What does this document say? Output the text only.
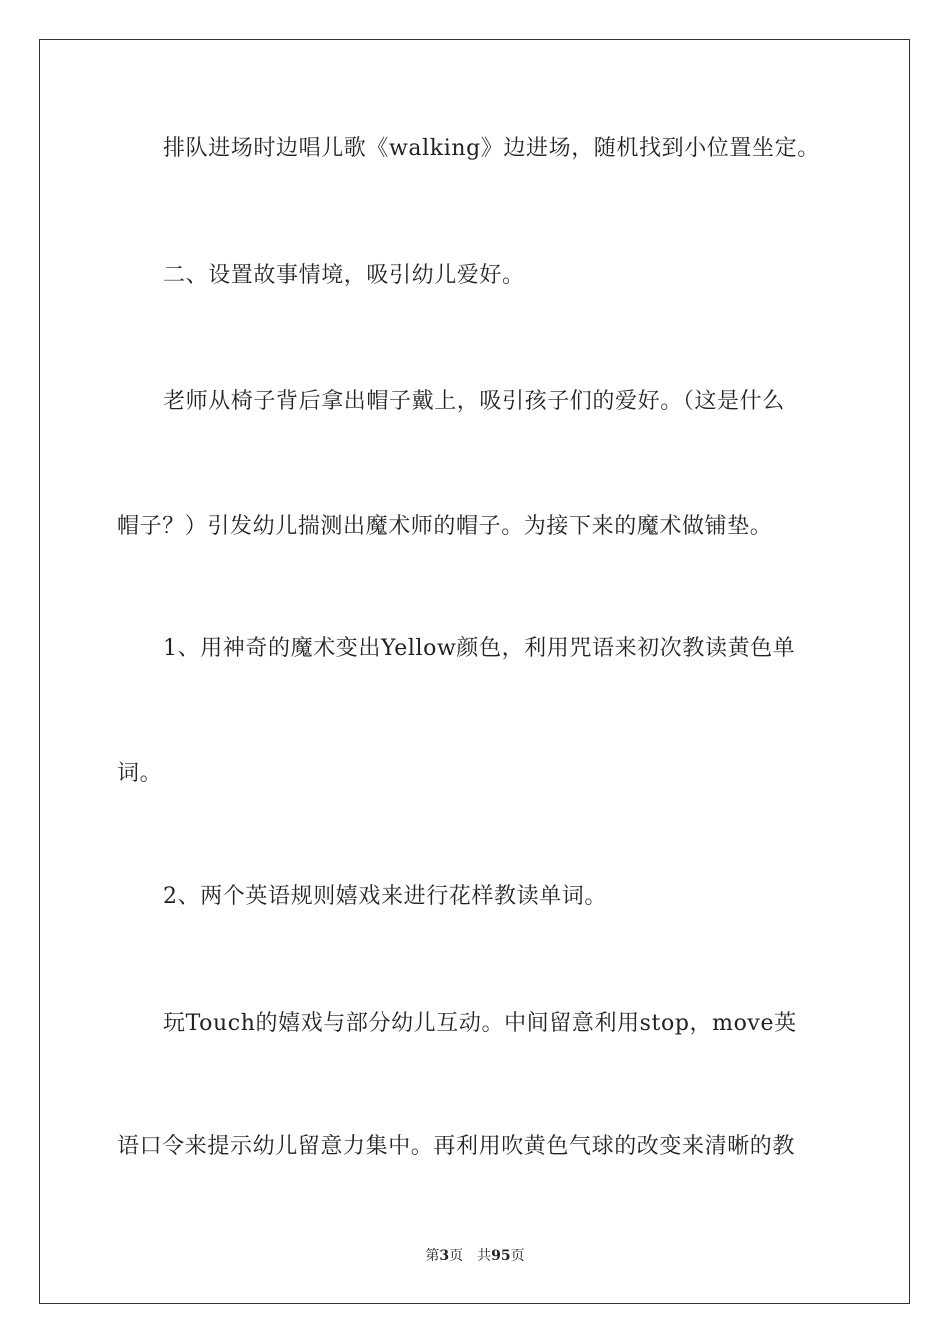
排队进场时边唱儿歌《walking》边进场，随机找到小位置坐定。
二、设置故事情境，吸引幼儿爱好。
老师从椅子背后拿出帽子戴上，吸引孩子们的爱好。（这是什么
帽子？）引发幼儿揣测出魔术师的帽子。为接下来的魔术做铺垫。
1、用神奇的魔术变出Yellow颜色，利用咒语来初次教读黄色单
词。
2、两个英语规则嬉戏来进行花样教读单词。
玩Touch的嬉戏与部分幼儿互动。中间留意利用stop，move英
语口令来提示幼儿留意力集中。再利用吹黄色气球的改变来清晰的教
第3页 共95页
